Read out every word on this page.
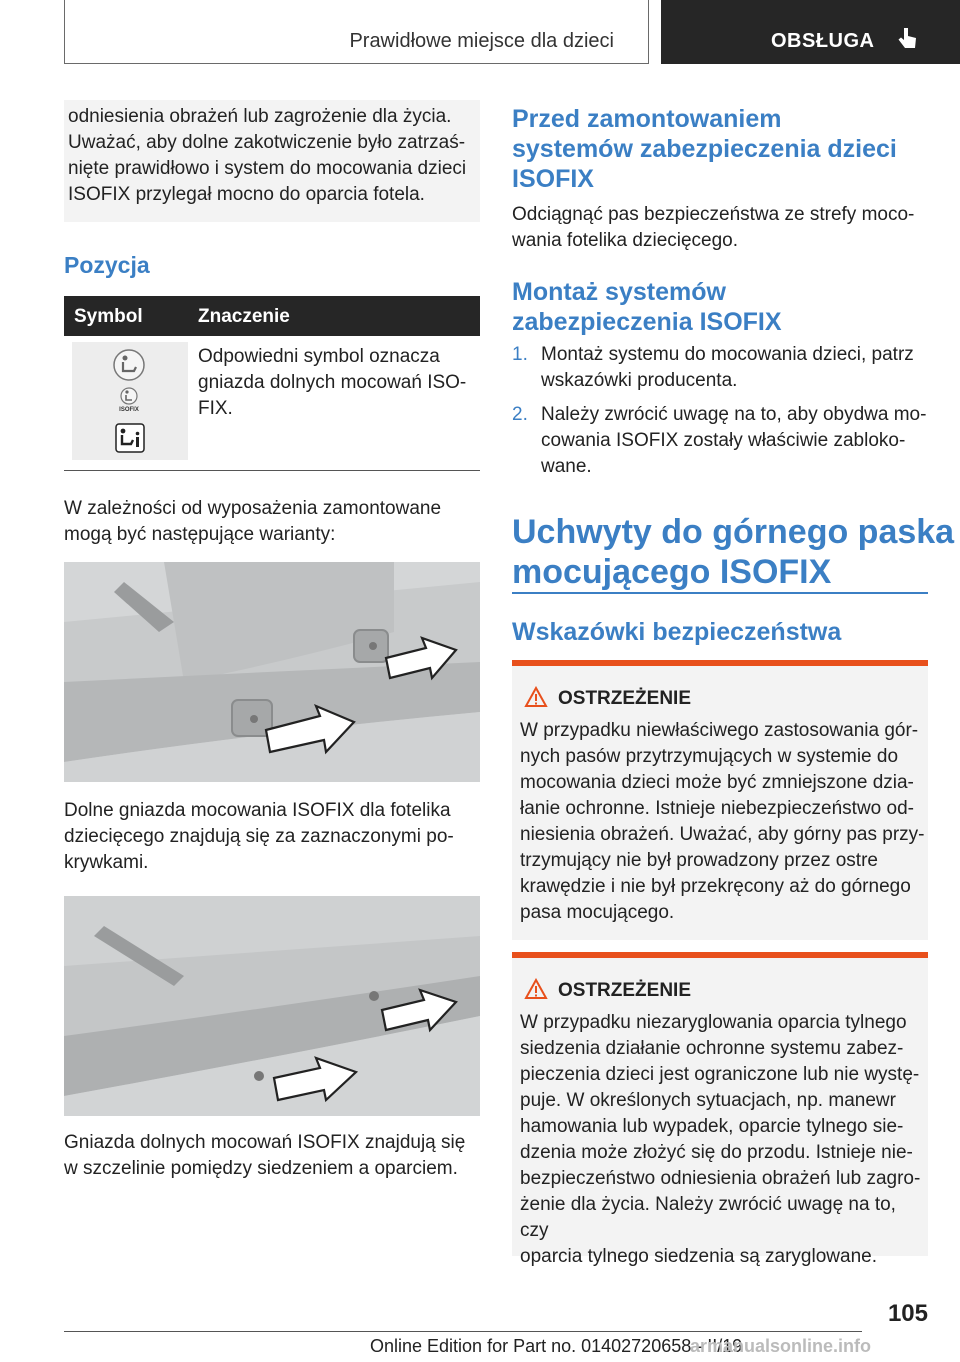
Prawidłowe miejsce dla dzieci	OBSŁUGA
odniesienia obrażeń lub zagrożenie dla życia.
Uważać, aby dolne zakotwiczenie było zatrzaś-
nięte prawidłowo i system do mocowania dzieci
ISOFIX przylegał mocno do oparcia fotela.
Pozycja
Symbol	Znaczenie
ISOFIX
Odpowiedni symbol oznacza
gniazda dolnych mocowań ISO-
FIX.
W zależności od wyposażenia zamontowane
mogą być następujące warianty:
Dolne gniazda mocowania ISOFIX dla fotelika
dziecięcego znajdują się za zaznaczonymi po-
krywkami.
Gniazda dolnych mocowań ISOFIX znajdują się
w szczelinie pomiędzy siedzeniem a oparciem.
Przed zamontowaniem
systemów zabezpieczenia dzieci
ISOFIX
Odciągnąć pas bezpieczeństwa ze strefy moco-
wania fotelika dziecięcego.
Montaż systemów
zabezpieczenia ISOFIX
1. Montaż systemu do mocowania dzieci, patrz
wskazówki producenta.
2. Należy zwrócić uwagę na to, aby obydwa mo-
cowania ISOFIX zostały właściwie zabloko-
wane.
Uchwyty do górnego paska
mocującego ISOFIX
Wskazówki bezpieczeństwa
OSTRZEŻENIE
W przypadku niewłaściwego zastosowania gór-
nych pasów przytrzymujących w systemie do
mocowania dzieci może być zmniejszone dzia-
łanie ochronne. Istnieje niebezpieczeństwo od-
niesienia obrażeń. Uważać, aby górny pas przy-
trzymujący nie był prowadzony przez ostre
krawędzie i nie był przekręcony aż do górnego
pasa mocującego.
OSTRZEŻENIE
W przypadku niezaryglowania oparcia tylnego
siedzenia działanie ochronne systemu zabez-
pieczenia dzieci jest ograniczone lub nie wystę-
puje. W określonych sytuacjach, np. manewr
hamowania lub wypadek, oparcie tylnego sie-
dzenia może złożyć się do przodu. Istnieje nie-
bezpieczeństwo odniesienia obrażeń lub zagro-
żenie dla życia. Należy zwrócić uwagę na to, czy
oparcia tylnego siedzenia są zaryglowane.
105
Online Edition for Part no. 01402720658 - II/19
armanualsonline.info
